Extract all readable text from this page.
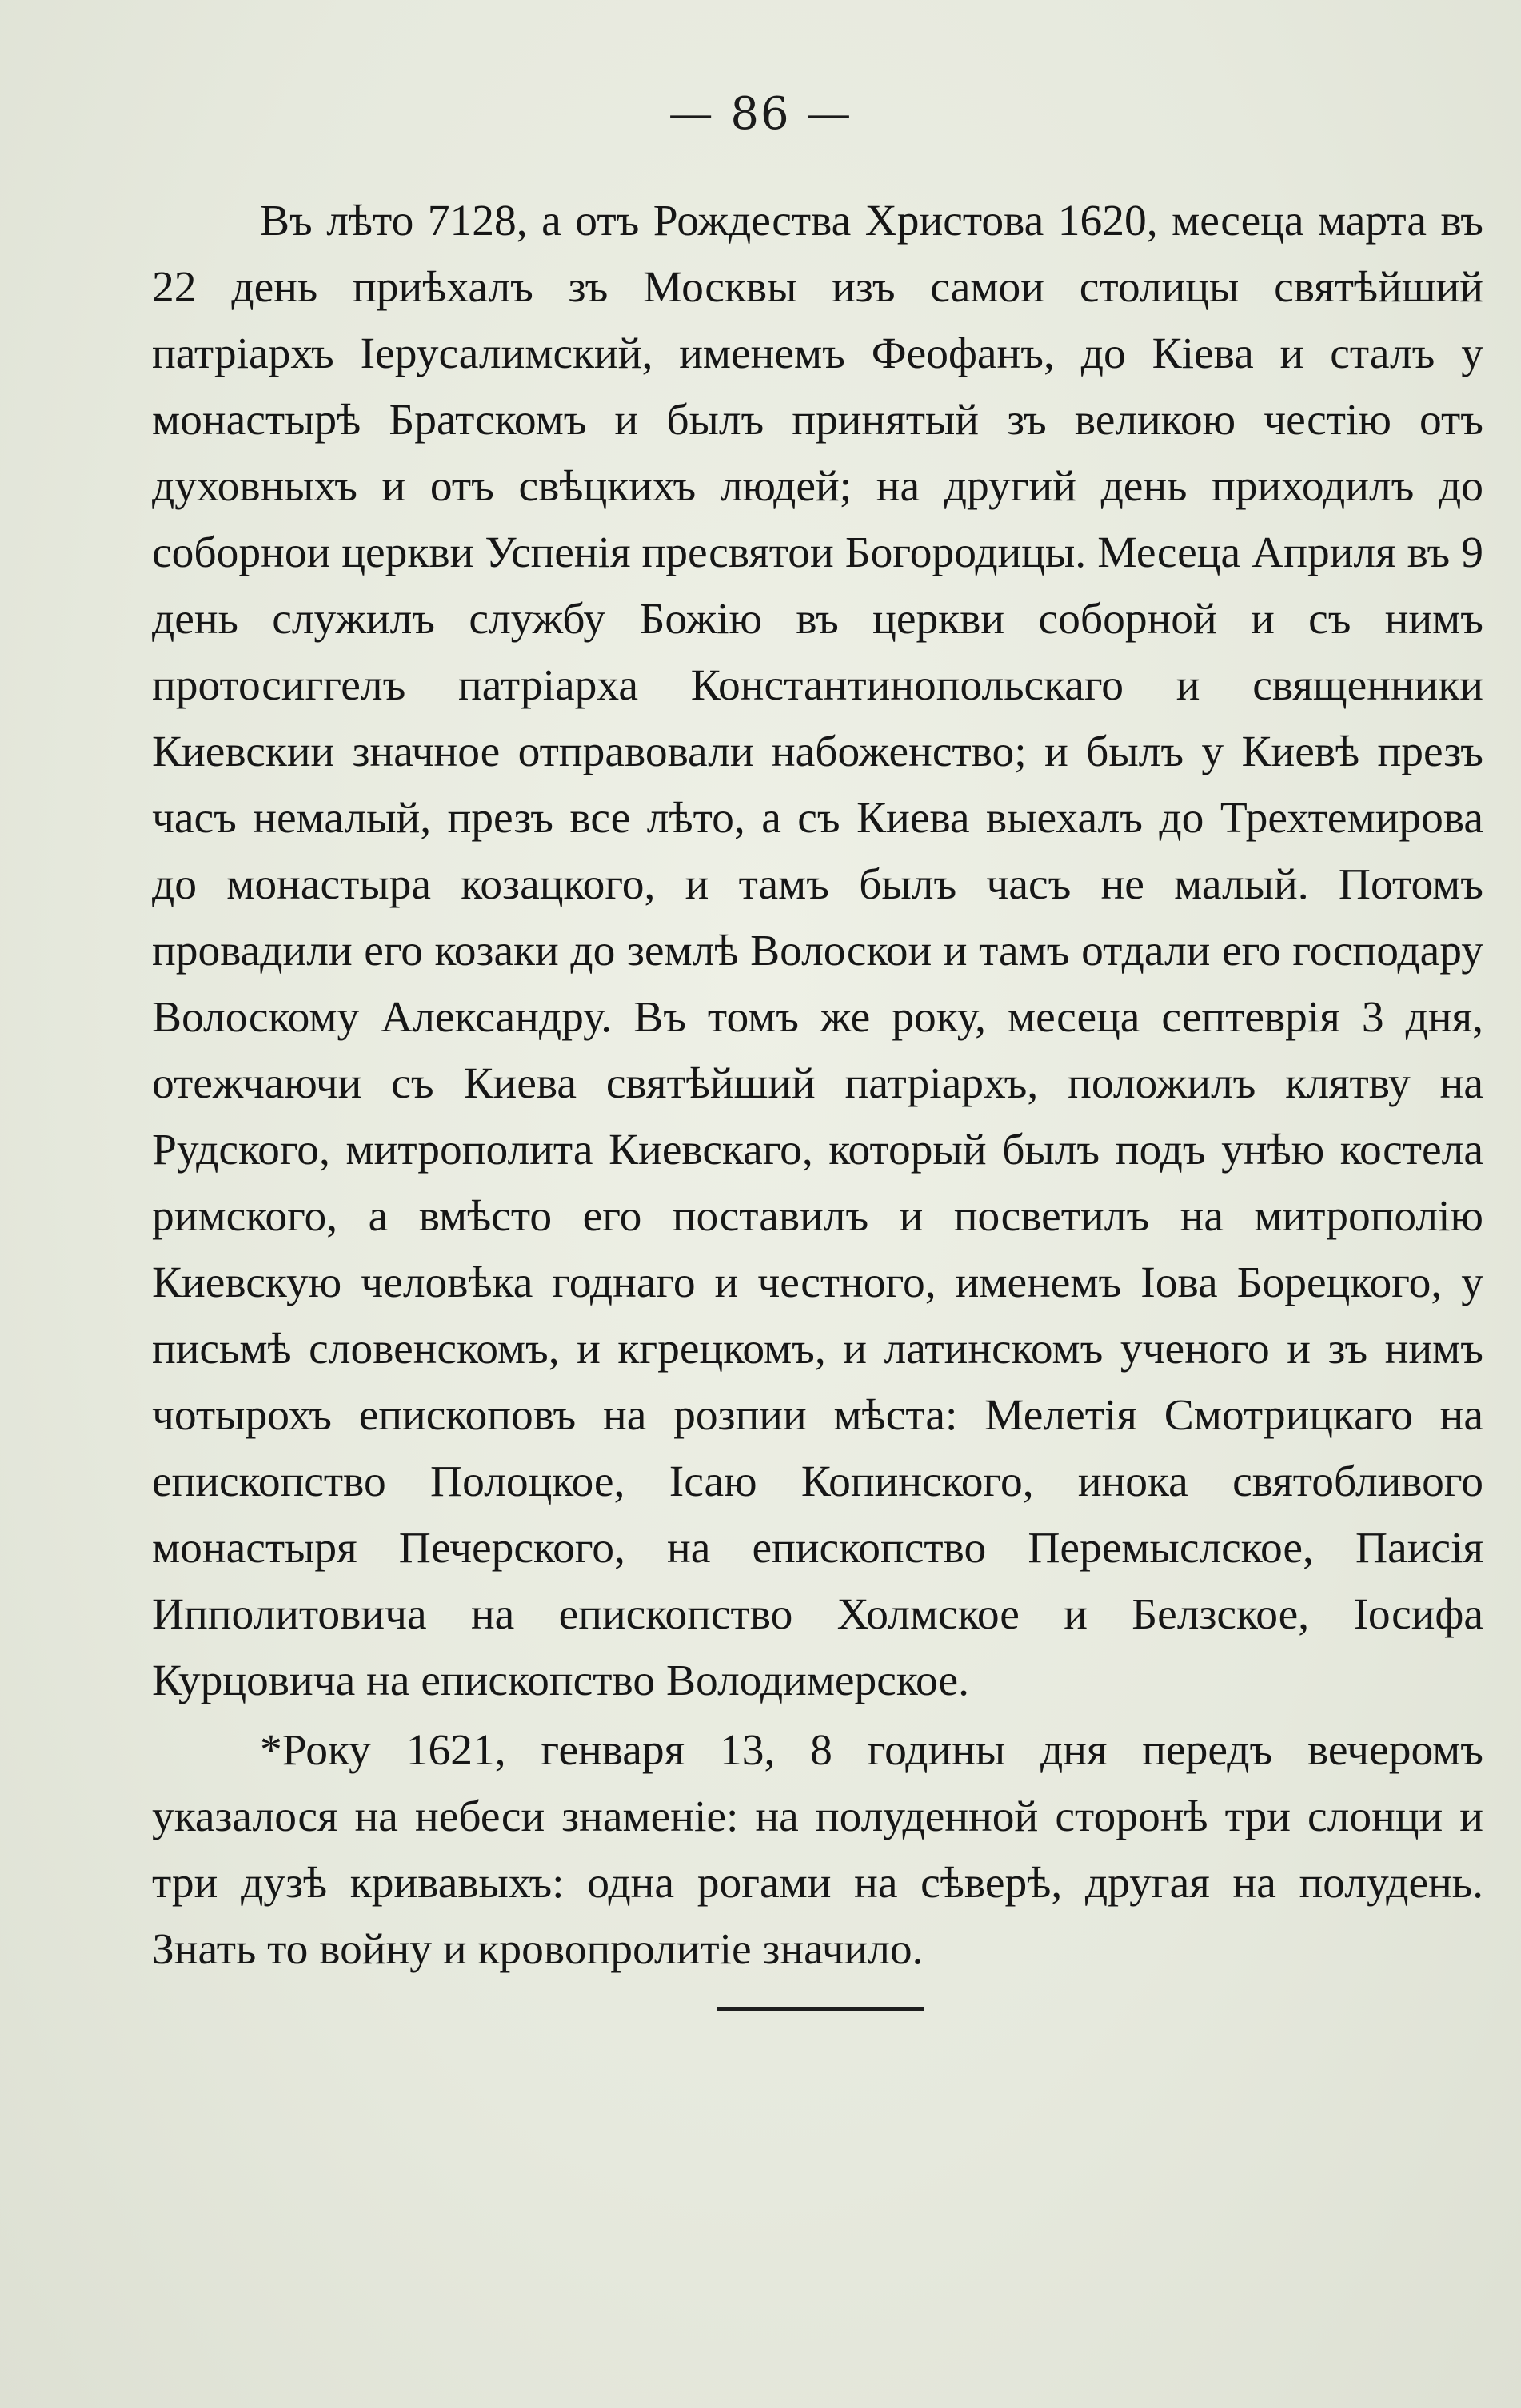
— 86 —

Въ лѣто 7128, а отъ Рождества Христова 1620, месеца марта въ 22 день приѣхалъ зъ Москвы изъ самои столицы святѣйший патріархъ Іерусалимский, именемъ Феофанъ, до Кіева и сталъ у монастырѣ Братскомъ и былъ принятый зъ великою честію отъ духовныхъ и отъ свѣцкихъ людей; на другий день приходилъ до соборнои церкви Успенія пресвятои Богородицы. Месеца Априля въ 9 день служилъ службу Божію въ церкви соборной и съ нимъ протосиггелъ патріарха Константинопольскаго и священники Киевскии значное отправовали набоженство; и былъ у Киевѣ презъ часъ немалый, презъ все лѣто, а съ Киева выехалъ до Трехтемирова до монастыра козацкого, и тамъ былъ часъ не малый. Потомъ провадили его козаки до землѣ Волоскои и тамъ отдали его господару Волоскому Александру. Въ томъ же року, месеца септеврія 3 дня, отежчаючи съ Киева святѣйший патріархъ, положилъ клятву на Рудского, митрополита Киевскаго, который былъ подъ унѣю костела римского, а вмѣсто его поставилъ и посветилъ на митрополію Киевскую человѣка годнаго и честного, именемъ Іова Борецкого, у письмѣ словенскомъ, и кгрецкомъ, и латинскомъ ученого и зъ нимъ чотырохъ епископовъ на розпии мѣста: Мелетія Смотрицкаго на епископство Полоцкое, Ісаю Копинского, инока святобливого монастыря Печерского, на епископство Перемыслское, Паисія Ипполитовича на епископство Холмское и Белзское, Іосифа Курцовича на епископство Володимерское.

*Року 1621, генваря 13, 8 годины дня передъ вечеромъ указалося на небеси знаменіе: на полуденной сторонѣ три слонци и три дузѣ кривавыхъ: одна рогами на сѣверѣ, другая на полудень. Знать то войну и кровопролитіе значило.
